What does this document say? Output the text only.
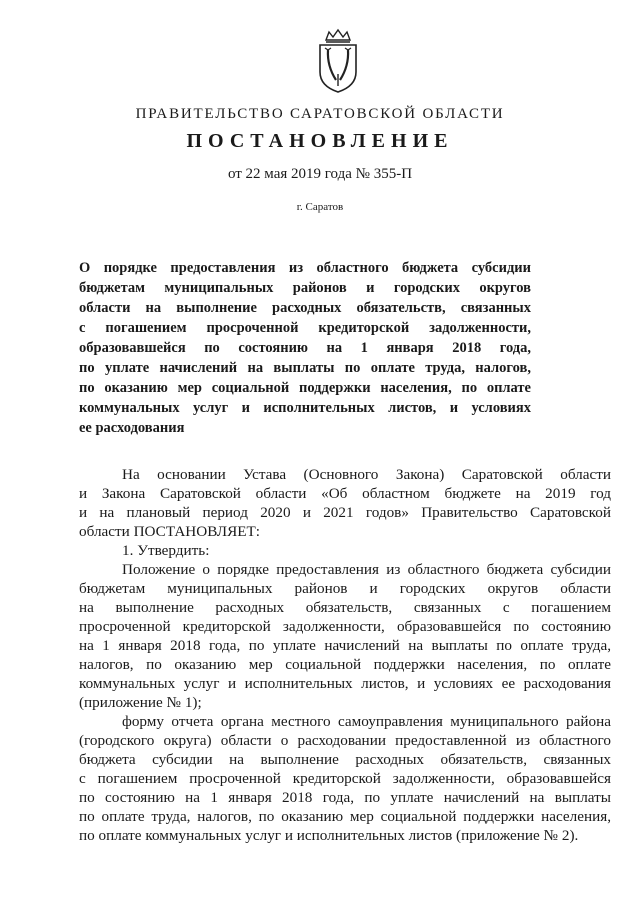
ПРАВИТЕЛЬСТВО САРАТОВСКОЙ ОБЛАСТИ
ПОСТАНОВЛЕНИЕ
от 22 мая 2019 года № 355-П
г. Саратов
О порядке предоставления из областного бюджета субсидии
бюджетам муниципальных районов и городских округов
области на выполнение расходных обязательств, связанных
с погашением просроченной кредиторской задолженности,
образовавшейся по состоянию на 1 января 2018 года,
по уплате начислений на выплаты по оплате труда, налогов,
по оказанию мер социальной поддержки населения, по оплате
коммунальных услуг и исполнительных листов, и условиях
ее расходования
На основании Устава (Основного Закона) Саратовской области
и Закона Саратовской области «Об областном бюджете на 2019 год
и на плановый период 2020 и 2021 годов» Правительство Саратовской
области ПОСТАНОВЛЯЕТ:
1. Утвердить:
Положение о порядке предоставления из областного бюджета субсидии
бюджетам муниципальных районов и городских округов области
на выполнение расходных обязательств, связанных с погашением
просроченной кредиторской задолженности, образовавшейся по состоянию
на 1 января 2018 года, по уплате начислений на выплаты по оплате труда,
налогов, по оказанию мер социальной поддержки населения, по оплате
коммунальных услуг и исполнительных листов, и условиях ее расходования
(приложение № 1);
форму отчета органа местного самоуправления муниципального района
(городского округа) области о расходовании предоставленной из областного
бюджета субсидии на выполнение расходных обязательств, связанных
с погашением просроченной кредиторской задолженности, образовавшейся
по состоянию на 1 января 2018 года, по уплате начислений на выплаты
по оплате труда, налогов, по оказанию мер социальной поддержки населения,
по оплате коммунальных услуг и исполнительных листов (приложение № 2).
